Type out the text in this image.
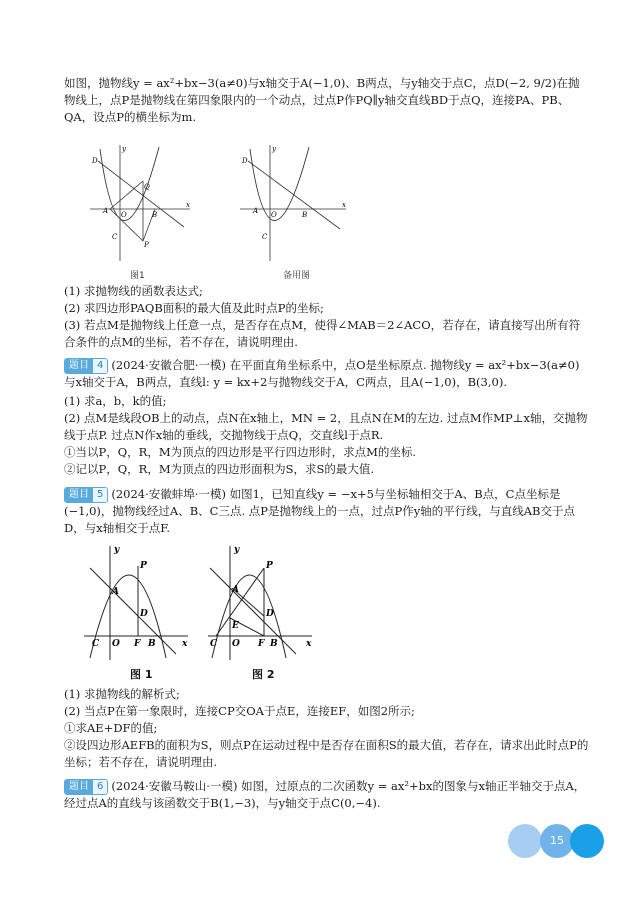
如图，抛物线y = ax²+bx−3(a≠0)与x轴交于A(−1,0)、B两点，与y轴交于点C，点D(−2, 9/2)在抛物线上，点P是抛物线在第四象限内的一个动点，过点P作PQ∥y轴交直线BD于点Q，连接PA、PB、QA，设点P的横坐标为m.
y
x
D
Q
A O	B
C
P
图1
y
x
D
A O	B
C
备用图
(1) 求抛物线的函数表达式;
(2) 求四边形PAQB面积的最大值及此时点P的坐标;
(3) 若点M是抛物线上任意一点，是否存在点M，使得∠MAB＝2∠ACO，若存在，请直接写出所有符合条件的点M的坐标，若不存在，请说明理由.
题目 4 (2024·安徽合肥·一模) 在平面直角坐标系中，点O是坐标原点. 抛物线y = ax²+bx−3(a≠0)与x轴交于A，B两点，直线l: y = kx+2与抛物线交于A，C两点，且A(−1,0)，B(3,0).
(1) 求a，b，k的值;
(2) 点M是线段OB上的动点，点N在x轴上，MN = 2，且点N在M的左边. 过点M作MP⊥x轴，交抛物线于点P. 过点N作x轴的垂线，交抛物线于点Q，交直线l于点R.
①当以P，Q，R，M为顶点的四边形是平行四边形时，求点M的坐标.
②记以P，Q，R，M为顶点的四边形面积为S，求S的最大值.
题目 5 (2024·安徽蚌埠·一模) 如图1，已知直线y = −x+5与坐标轴相交于A、B点，C点坐标是(−1,0)，抛物线经过A、B、C三点. 点P是抛物线上的一点，过点P作y轴的平行线，与直线AB交于点D，与x轴相交于点F.
y
x
P
A
D
C O F B
图 1
y
x
P
A
D
E
C O F B
图 2
(1) 求抛物线的解析式;
(2) 当点P在第一象限时，连接CP交OA于点E，连接EF，如图2所示;
①求AE+DF的值;
②设四边形AEFB的面积为S，则点P在运动过程中是否存在面积S的最大值，若存在，请求出此时点P的坐标；若不存在，请说明理由.
题目 6 (2024·安徽马鞍山·一模) 如图，过原点的二次函数y = ax²+bx的图象与x轴正半轴交于点A，经过点A的直线与该函数交于B(1,−3)，与y轴交于点C(0,−4).
15
